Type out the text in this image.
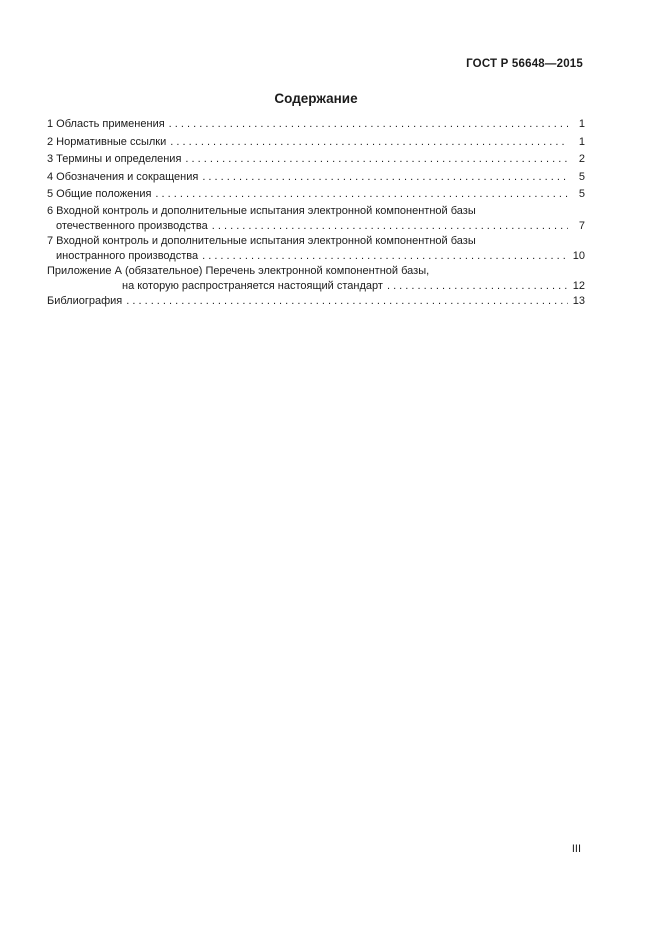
ГОСТ Р 56648—2015
Содержание
1 Область применения . . .	1
2 Нормативные ссылки . . .	1
3 Термины и определения . . .	2
4 Обозначения и сокращения . . .	5
5 Общие положения . . .	5
6 Входной контроль и дополнительные испытания электронной компонентной базы
отечественного производства . . .	7
7 Входной контроль и дополнительные испытания электронной компонентной базы
иностранного производства . . .	10
Приложение А (обязательное) Перечень электронной компонентной базы,
на которую распространяется настоящий стандарт . . .	12
Библиография . . .	13
III
